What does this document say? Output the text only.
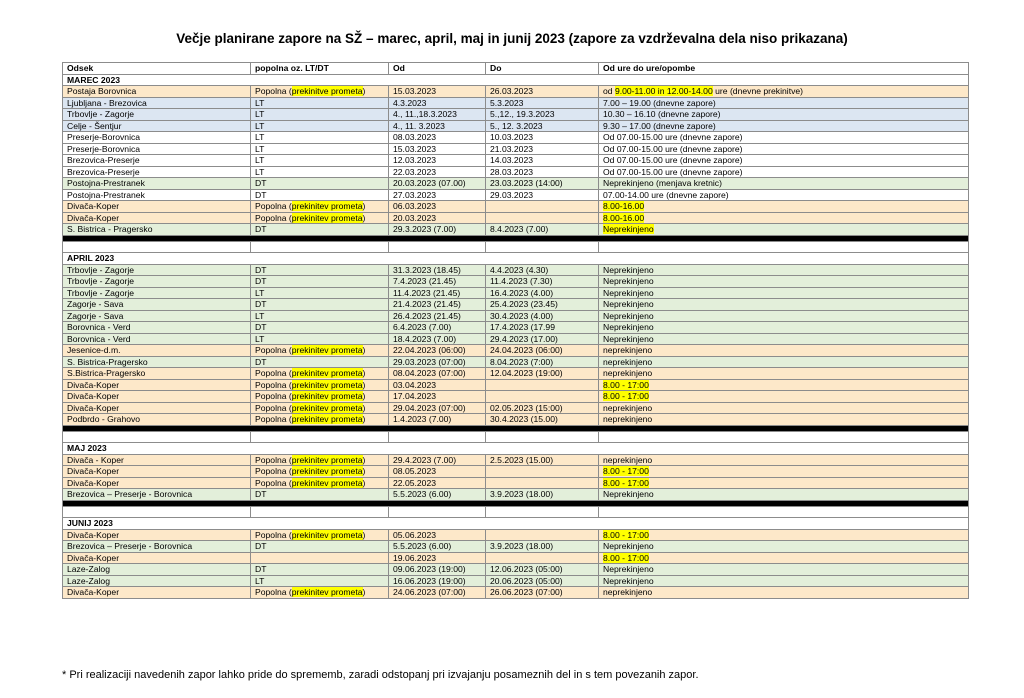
Večje planirane zapore na SŽ – marec, april, maj in junij 2023 (zapore za vzdrževalna dela niso prikazana)
Odsek	popolna oz. LT/DT	Od	Do	Od ure do ure/opombe
MAREC 2023				
Postaja Borovnica	Popolna (prekinitve prometa)	15.03.2023	26.03.2023	od 9.00-11.00 in 12.00-14.00 ure (dnevne prekinitve)
Ljubljana - Brezovica	LT	4.3.2023	5.3.2023	7.00 – 19.00 (dnevne zapore)
Trbovlje - Zagorje	LT	4., 11.,18.3.2023	5.,12., 19.3.2023	10.30 – 16.10 (dnevne zapore)
Celje - Šentjur	LT	4., 11. 3.2023	5., 12. 3.2023	9.30 – 17.00 (dnevne zapore)
Preserje-Borovnica	LT	08.03.2023	10.03.2023	Od 07.00-15.00 ure (dnevne zapore)
Preserje-Borovnica	LT	15.03.2023	21.03.2023	Od 07.00-15.00 ure (dnevne zapore)
Brezovica-Preserje	LT	12.03.2023	14.03.2023	Od 07.00-15.00 ure (dnevne zapore)
Brezovica-Preserje	LT	22.03.2023	28.03.2023	Od 07.00-15.00 ure (dnevne zapore)
Postojna-Prestranek	DT	20.03.2023 (07.00)	23.03.2023 (14:00)	Neprekinjeno (menjava kretnic)
Postojna-Prestranek	DT	27.03.2023	29.03.2023	07.00-14.00 ure (dnevne zapore)
Divača-Koper	Popolna (prekinitev prometa)	06.03.2023		8.00-16.00
Divača-Koper	Popolna (prekinitev prometa)	20.03.2023		8.00-16.00
S. Bistrica - Pragersko	DT	29.3.2023 (7.00)	8.4.2023 (7.00)	Neprekinjeno

APRIL 2023				
Trbovlje - Zagorje	DT	31.3.2023 (18.45)	4.4.2023 (4.30)	Neprekinjeno
Trbovlje - Zagorje	DT	7.4.2023 (21.45)	11.4.2023 (7.30)	Neprekinjeno
Trbovlje - Zagorje	LT	11.4.2023 (21.45)	16.4.2023 (4.00)	Neprekinjeno
Zagorje - Sava	DT	21.4.2023 (21.45)	25.4.2023 (23.45)	Neprekinjeno
Zagorje - Sava	LT	26.4.2023 (21.45)	30.4.2023 (4.00)	Neprekinjeno
Borovnica - Verd	DT	6.4.2023 (7.00)	17.4.2023 (17.99	Neprekinjeno
Borovnica - Verd	LT	18.4.2023 (7.00)	29.4.2023 (17.00)	Neprekinjeno
Jesenice-d.m.	Popolna (prekinitev prometa)	22.04.2023 (06:00)	24.04.2023 (06:00)	neprekinjeno
S. Bistrica-Pragersko	DT	29.03.2023 (07:00)	8.04.2023 (7:00)	neprekinjeno
S.Bistrica-Pragersko	Popolna (prekinitev prometa)	08.04.2023 (07:00)	12.04.2023 (19:00)	neprekinjeno
Divača-Koper	Popolna (prekinitev prometa)	03.04.2023		8.00 - 17:00
Divača-Koper	Popolna (prekinitev prometa)	17.04.2023		8.00 - 17:00
Divača-Koper	Popolna (prekinitev prometa)	29.04.2023 (07:00)	02.05.2023 (15:00)	neprekinjeno
Podbrdo - Grahovo	Popolna (prekinitev prometa)	1.4.2023 (7.00)	30.4.2023 (15.00)	neprekinjeno

MAJ 2023				
Divača - Koper	Popolna (prekinitev prometa)	29.4.2023 (7.00)	2.5.2023 (15.00)	neprekinjeno
Divača-Koper	Popolna (prekinitev prometa)	08.05.2023		8.00 - 17:00
Divača-Koper	Popolna (prekinitev prometa)	22.05.2023		8.00 - 17:00
Brezovica – Preserje - Borovnica	DT	5.5.2023 (6.00)	3.9.2023 (18.00)	Neprekinjeno

JUNIJ 2023				
Divača-Koper	Popolna (prekinitev prometa)	05.06.2023		8.00 - 17:00
Brezovica – Preserje - Borovnica	DT	5.5.2023 (6.00)	3.9.2023 (18.00)	Neprekinjeno
Divača-Koper		19.06.2023		8.00 - 17:00
Laze-Zalog	DT	09.06.2023 (19:00)	12.06.2023 (05:00)	Neprekinjeno
Laze-Zalog	LT	16.06.2023 (19:00)	20.06.2023 (05:00)	Neprekinjeno
Divača-Koper	Popolna (prekinitev prometa)	24.06.2023 (07:00)	26.06.2023 (07:00)	neprekinjeno
* Pri realizaciji navedenih zapor lahko pride do sprememb, zaradi odstopanj pri izvajanju posameznih del in s tem povezanih zapor.
